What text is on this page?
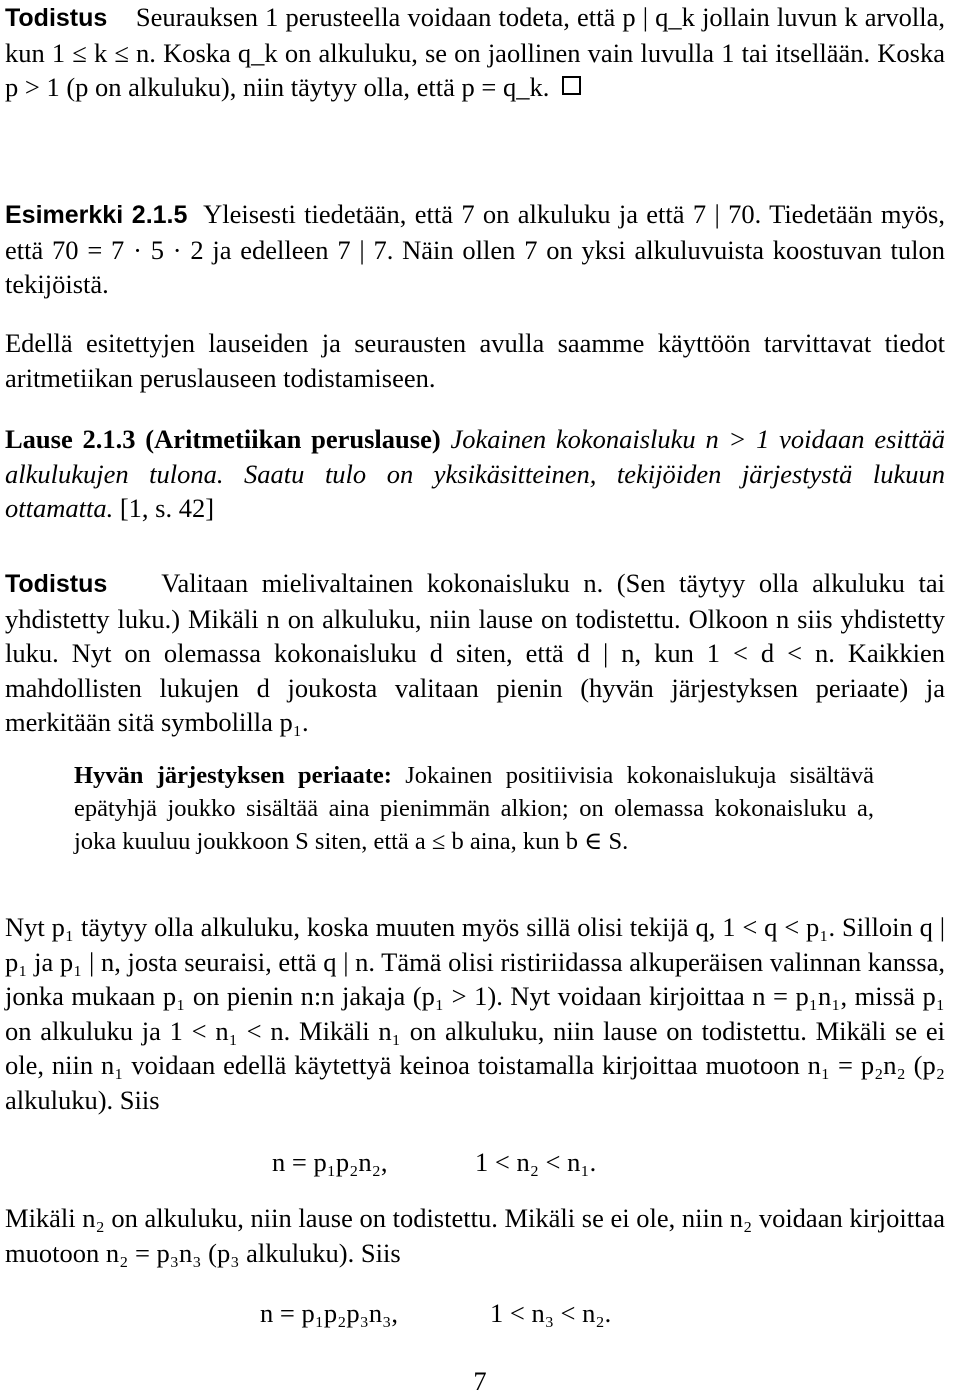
Todistus Seurauksen 1 perusteella voidaan todeta, että p | q_k jollain luvun k arvolla, kun 1 ≤ k ≤ n. Koska q_k on alkuluku, se on jaollinen vain luvulla 1 tai itsellään. Koska p > 1 (p on alkuluku), niin täytyy olla, että p = q_k.

Esimerkki 2.1.5 Yleisesti tiedetään, että 7 on alkuluku ja että 7 | 70. Tiedetään myös, että 70 = 7 · 5 · 2 ja edelleen 7 | 7. Näin ollen 7 on yksi alkuluvuista koostuvan tulon tekijöistä.

Edellä esitettyjen lauseiden ja seurausten avulla saamme käyttöön tarvittavat tiedot aritmetiikan peruslauseen todistamiseen.

Lause 2.1.3 (Aritmetiikan peruslause) Jokainen kokonaisluku n > 1 voidaan esittää alkulukujen tulona. Saatu tulo on yksikäsitteinen, tekijöiden järjestystä lukuun ottamatta. [1, s. 42]

Todistus Valitaan mielivaltainen kokonaisluku n. (Sen täytyy olla alkuluku tai yhdistetty luku.) Mikäli n on alkuluku, niin lause on todistettu. Olkoon n siis yhdistetty luku. Nyt on olemassa kokonaisluku d siten, että d | n, kun 1 < d < n. Kaikkien mahdollisten lukujen d joukosta valitaan pienin (hyvän järjestyksen periaate) ja merkitään sitä symbolilla p₁.

Hyvän järjestyksen periaate: Jokainen positiivisia kokonaislukuja sisältävä epätyhjä joukko sisältää aina pienimmän alkion; on olemassa kokonaisluku a, joka kuuluu joukkoon S siten, että a ≤ b aina, kun b ∈ S.

Nyt p₁ täytyy olla alkuluku, koska muuten myös sillä olisi tekijä q, 1 < q < p₁. Silloin q | p₁ ja p₁ | n, josta seuraisi, että q | n. Tämä olisi ristiriidassa alkuperäisen valinnan kanssa, jonka mukaan p₁ on pienin n:n jakaja (p₁ > 1). Nyt voidaan kirjoittaa n = p₁n₁, missä p₁ on alkuluku ja 1 < n₁ < n. Mikäli n₁ on alkuluku, niin lause on todistettu. Mikäli se ei ole, niin n₁ voidaan edellä käytettyä keinoa toistamalla kirjoittaa muotoon n₁ = p₂n₂ (p₂ alkuluku). Siis

n = p₁p₂n₂,	1 < n₂ < n₁.

Mikäli n₂ on alkuluku, niin lause on todistettu. Mikäli se ei ole, niin n₂ voidaan kirjoittaa muotoon n₂ = p₃n₃ (p₃ alkuluku). Siis

n = p₁p₂p₃n₃,	1 < n₃ < n₂.
7
